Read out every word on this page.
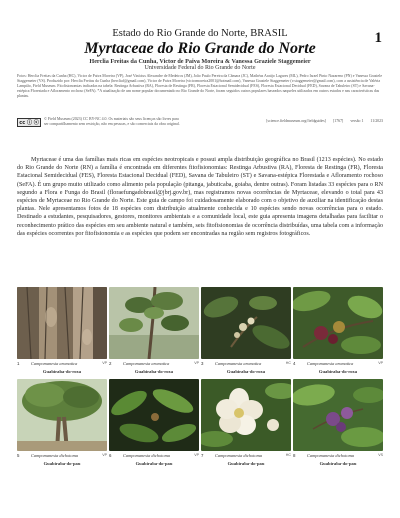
Estado do Rio Grande do Norte, BRASIL
Myrtaceae do Rio Grande do Norte
Herclia Freitas da Cunha, Victor de Paiva Moreira & Vanessa Graziele Staggemeier
Universidade Federal do Rio Grande do Norte
1
Fotos: Herclia Freitas da Cunha (HC), Victor de Paiva Moreira (VP), José Vinícius Alexandre de Medeiros (JM), João Paulo Pereira da Câmara (JC), Mathéus Araújo Lagares (ML), Pedro Israel Pinto Nazareno (PN) e Vanessa Graziele Staggemeier (VS). Produzido por: Herclia Freitas da Cunha (hercliaf@gmail.com), Victor de Paiva Moreira (victormoreira2001@hotmail.com), Vanessa Graziele Staggemeier (v.staggemeier@gmail.com), com a assistência de Valéria Lampião, Field Museum. Fitofisionomias indicadas na tabela: Restinga Arbustiva (RA), Floresta de Restinga (FR), Floresta Estacional Semidecidual (FES), Floresta Estacional Decidual (FED), Savana de Tabuleiro (ST) e Savana-estépica Florestada e Afloramento rochoso (SeFA). *A atualização de um nome popular documentado no Rio Grande do Norte, foram seguidos outros populares baseados naqueles utilizados em outros estados e nas características das plantas.
cc ⓘ ⓢ
© Field Museum (2023) CC BY-NC 4.0. Os materiais são seus licenças são livres para ser compartilhamento sem restrição, não em pessoas, e são comerciais da obra original.
[science.fieldmuseum.org/fieldguides] [1767] versão 1 11/2023
Myrtaceae é uma das famílias mais ricas em espécies neotropicais e possui ampla distribuição geográfica no Brasil (1213 espécies). No estado do Rio Grande do Norte (RN) a família é encontrada em diferentes fitofisionomias: Restinga Arbustiva (RA), Floresta de Restinga (FR), Floresta Estacional Semidecidual (FES), Floresta Estacional Decidual (FED), Savana de Tabuleiro (ST) e Savana-estépica Florestada e Afloramento rochoso (SeFA). É um grupo muito utilizado como alimento pela população (pitanga, jabuticaba, goiaba, dentre outras). Foram listadas 33 espécies para o RN segundo a Flora e Funga do Brasil (floraefungadobrasil@jbrj.gov.br), mas registramos novas ocorrências de Myrtaceae, elevando o total para 43 espécies de Myrtaceae no Rio Grande do Norte. Este guia de campo foi cuidadosamente elaborado com o objetivo de auxiliar na identificação destas plantas. Nele apresentamos fotos de 18 espécies com distribuição atualmente conhecida e 10 espécies sendo novas ocorrências para o estado. Destinado a estudantes, pesquisadores, gestores, monitores ambientais e a comunidade local, este guia apresenta imagens detalhadas para facilitar o reconhecimento prático das espécies em seu ambiente natural e também, seis fitofisionomias de ocorrência distribuídas, uma tabela com a informação das espécies ocorrentes por fitofisionomia e as espécies que podem ser encontradas na região sem registros fotográficos.
1	Campomanesia aromatica	VP
Guabiraba-do-roxa
2	Campomanesia aromatica	VP
Guabiraba-do-roxa
3	Campomanesia aromatica	HC
Guabiraba-do-roxa
4	Campomanesia aromatica	VP
Guabiraba-do-roxa
5	Campomanesia dichotoma	VP
Guabiraba-do-pau
6	Campomanesia dichotoma	VP
Guabiraba-do-pau
7	Campomanesia dichotoma	HC
Guabiraba-do-pau
8	Campomanesia dichotoma	VS
Guabiraba-do-pau
